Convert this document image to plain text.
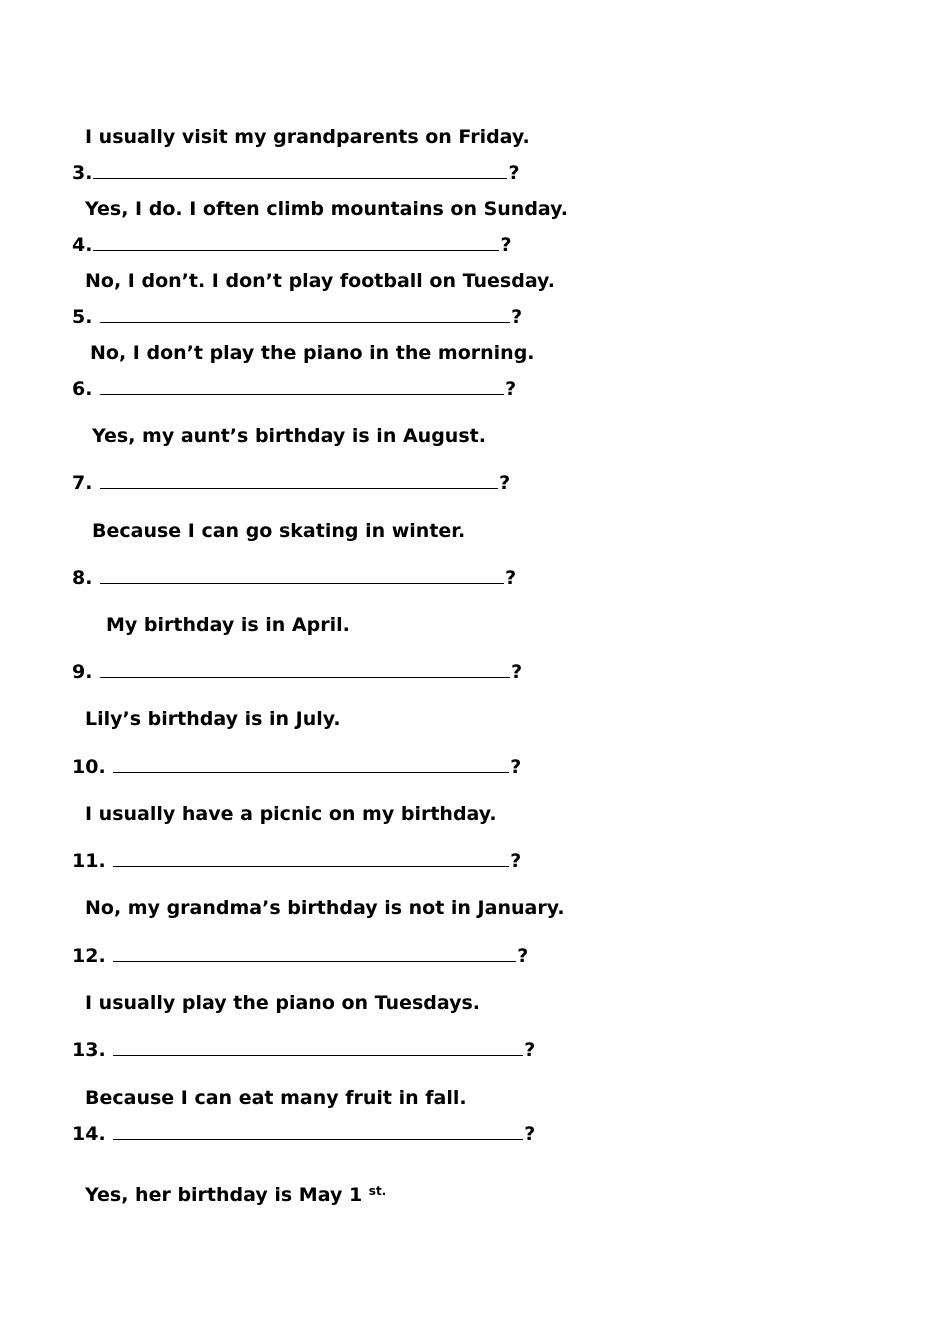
I usually visit my grandparents on Friday.
3.	?
Yes, I do. I often climb mountains on Sunday.
4.	?
No, I don’t. I don’t play football on Tuesday.
5.	?
No, I don’t play the piano in the morning.
6.	?
Yes, my aunt’s birthday is in August.
7.	?
Because I can go skating in winter.
8.	?
My birthday is in April.
9.	?
Lily’s birthday is in July.
10.	?
I usually have a picnic on my birthday.
11.	?
No, my grandma’s birthday is not in January.
12.	?
I usually play the piano on Tuesdays.
13.	?
Because I can eat many fruit in fall.
14.	?
Yes, her birthday is May 1 $^{st.}$
